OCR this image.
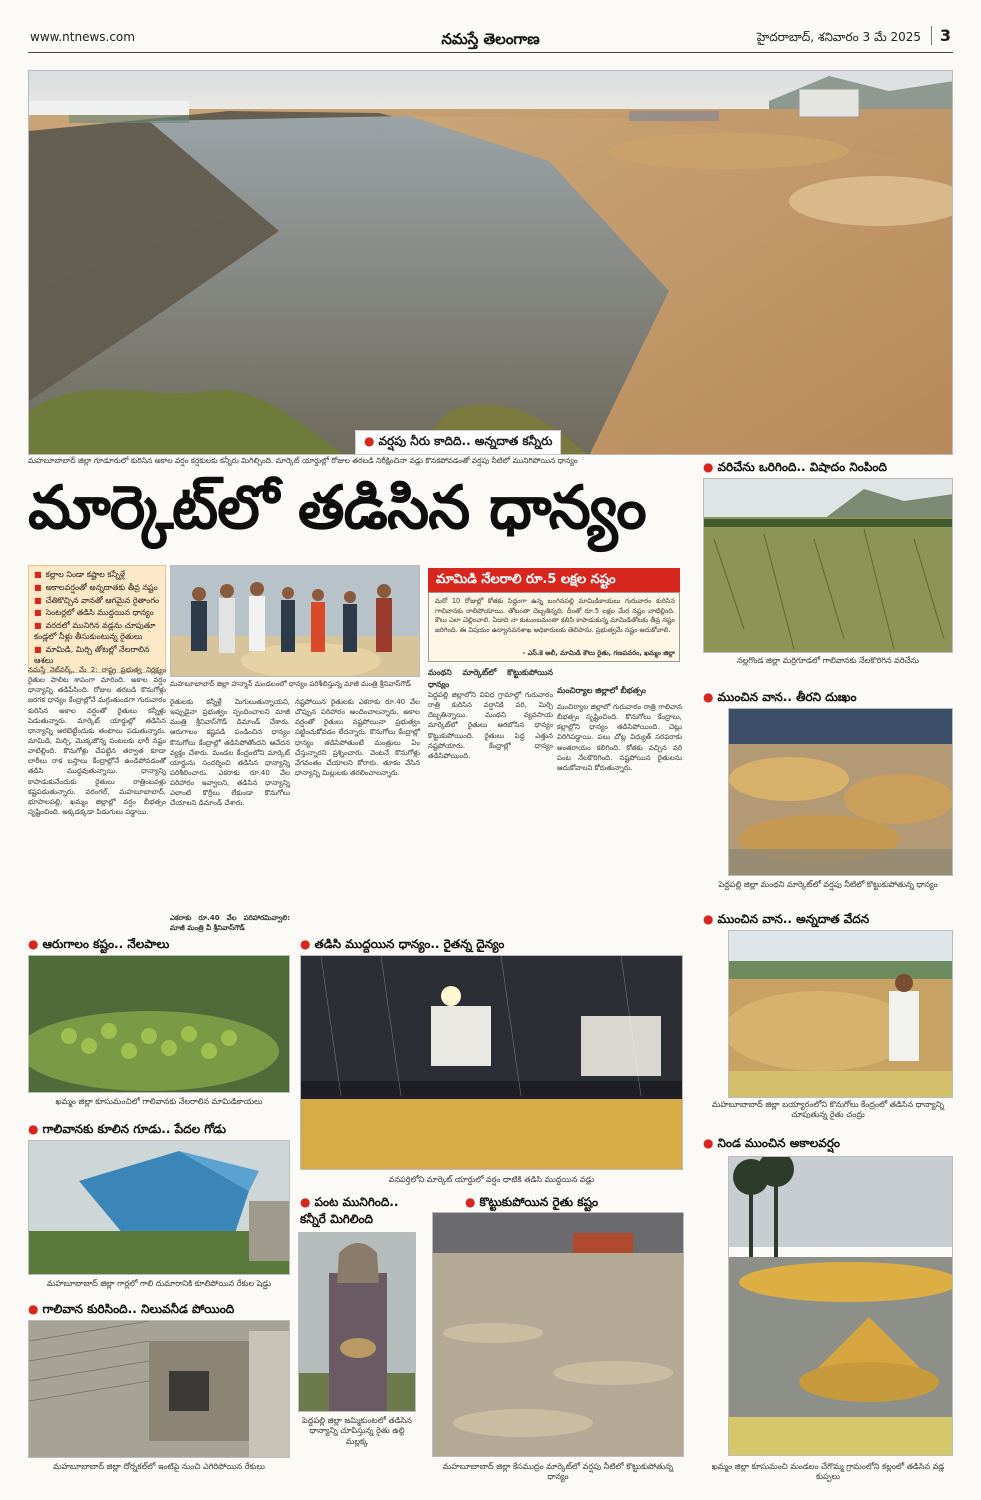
www.ntnews.com	నమస్తే తెలంగాణ	హైదరాబాద్, శనివారం 3 మే 2025	3
● వర్షపు నీరు కాదిది.. అన్నదాత కన్నీరు
మహబూబాబాద్ జిల్లా గూడూరులో కురిసిన అకాల వర్షం కర్షకులకు కన్నీరు మిగిల్చింది. మార్కెట్ యార్డుల్లో రోజుల తరబడి నిరీక్షించినా వడ్లు కొనకపోవడంతో వర్షపు నీటిలో మునిగిపోయిన ధాన్యం
మార్కెట్‌లో తడిసిన ధాన్యం
■ కల్లాల నిండా కష్టాల కన్నీళ్లే
■ అకాలవర్షంతో అన్నదాతకు తీవ్ర నష్టం
■ చేతికొచ్చిన వానతో ఆగమైన రైతాంగం
■ సెంటర్లలో తడిసి ముద్దయిన ధాన్యం
■ వరదలో మునిగిన వడ్లను చూపుతూ కండ్లలో నీళ్లు తీసుకుంటున్న రైతులు
■ మామిడి, మిర్చి తోటల్లో నేలరాలిన ఆశలు
మహబూబాబాద్ జిల్లా హన్మాన్ మండలంలో ధాన్యం పరిశీలిస్తున్న మాజీ మంత్రి శ్రీనివాస్‌గౌడ్
మామిడి నేలరాలి రూ.5 లక్షల నష్టం
మరో 10 రోజుల్లో కోతకు సిద్ధంగా ఉన్న బంగినపల్లి మామిడికాయలు గురువారం కురిసిన గాలివానకు రాలిపోయాయి. తోటంతా దెబ్బతిన్నది. దీంతో రూ.5 లక్షల మేర నష్టం వాటిల్లింది. కౌలు ఎలా చెల్లించాలి. ఏడాది నా కుటుంబమంతా కలిసి కాపాడుకున్న మామిడితోటకు తీవ్ర నష్టం జరిగింది. ఈ విషయం ఉద్యానవనశాఖ అధికారులకు తెలిపాను. ప్రభుత్వమే నష్టం ఆదుకోవాలి.
- ఎస్‌.కె అలీ, మామిడి కౌలు రైతు, గణపవరం, ఖమ్మం జిల్లా
నమస్తే నెట్‌వర్క్, మే 2: రాష్ట్ర ప్రభుత్వ నిర్లక్ష్యం రైతుల పాలిట శాపంగా మారింది. అకాల వర్షం ధాన్యాన్ని తడిపేసింది. రోజుల తరబడి కొనుగోళ్లు జరగక ధాన్యం కేంద్రాల్లోనే మగ్గుతుండగా గురువారం కురిసిన అకాల వర్షంతో రైతులు కన్నీళ్లు పెడుతున్నారు. మార్కెట్ యార్డుల్లో తడిసిన ధాన్యాన్ని ఆరబెట్టేందుకు తంటాలు పడుతున్నారు. మామిడి, మిర్చి, మొక్కజొన్న పంటలకు భారీ నష్టం వాటిల్లింది. కొనుగోళ్లు చేపట్టిన తర్వాత కూడా లారీలు రాక బస్తాలు కేంద్రాల్లోనే ఉండిపోవడంతో తడిసి ముద్దవుతున్నాయి. ధాన్యాన్ని కాపాడుకునేందుకు రైతులు రాత్రింబవళ్లు కష్టపడుతున్నారు. వరంగల్, మహబూబాబాద్, భూపాలపల్లి, ఖమ్మం జిల్లాల్లో వర్షం బీభత్సం సృష్టించింది. అక్కడక్కడా పిడుగులు పడ్డాయి.
రైతులకు కన్నీళ్లే మిగులుతున్నాయని, ఇప్పుడైనా ప్రభుత్వం స్పందించాలని మాజీ మంత్రి శ్రీనివాస్‌గౌడ్ డిమాండ్ చేశారు. ఆరుగాలం కష్టపడి పండించిన ధాన్యం కొనుగోలు కేంద్రాల్లో తడిసిపోతోందని ఆవేదన వ్యక్తం చేశారు. మండల కేంద్రంలోని మార్కెట్ యార్డును సందర్శించి తడిసిన ధాన్యాన్ని పరిశీలించారు. ఎకరాకు రూ.40 వేల పరిహారం ఇవ్వాలని, తడిసిన ధాన్యాన్ని ఎలాంటి కొర్రీలు లేకుండా కొనుగోలు చేయాలని డిమాండ్ చేశారు.
ఎకరాకు రూ.40 వేల పరిహారమివ్వాలి: మాజీ మంత్రి వీ శ్రీనివాస్‌గౌడ్
నష్టపోయిన రైతులకు ఎకరాకు రూ.40 వేల చొప్పున పరిహారం అందించాలన్నారు. అకాల వర్షంతో రైతులు నష్టపోయినా ప్రభుత్వం పట్టించుకోవడం లేదన్నారు. కొనుగోలు కేంద్రాల్లో ధాన్యం తడిసిపోతుంటే మంత్రులు ఏం చేస్తున్నారని ప్రశ్నించారు. వెంటనే కొనుగోళ్లు వేగవంతం చేయాలని కోరారు. తూకం వేసిన ధాన్యాన్ని మిల్లులకు తరలించాలన్నారు.
మంథని మార్కెట్‌లో కొట్టుకుపోయిన ధాన్యం
పెద్దపల్లి జిల్లాలోని వివిధ గ్రామాల్లో గురువారం రాత్రి కురిసిన వర్షానికి వరి, మిర్చి దెబ్బతిన్నాయి. మంథని వ్యవసాయ మార్కెట్‌లో రైతులు ఆరబోసిన ధాన్యం కొట్టుకుపోయింది. రైతులు పెద్ద ఎత్తున నష్టపోయారు. కేంద్రాల్లో ధాన్యం తడిసిపోయింది.
మంచిర్యాల జిల్లాలో బీభత్సం
మంచిర్యాల జిల్లాలో గురువారం రాత్రి గాలివాన బీభత్సం సృష్టించింది. కొనుగోలు కేంద్రాలు, కల్లాల్లోని ధాన్యం తడిసిపోయింది. చెట్లు విరిగిపడ్డాయి. పలు చోట్ల విద్యుత్ సరఫరాకు అంతరాయం కలిగింది. కోతకు వచ్చిన వరి పంట నేలకొరిగింది. నష్టపోయిన రైతులను ఆదుకోవాలని కోరుతున్నారు.
● వరిచేను ఒరిగింది.. విషాదం నింపింది
నల్లగొండ జిల్లా మర్రిగూడలో గాలివానకు నేలకొరిగిన వరిచేను
● ముంచిన వాన.. తీరని దుఃఖం
పెద్దపల్లి జిల్లా మంథని మార్కెట్‌లో వర్షపు నీటిలో కొట్టుకుపోతున్న ధాన్యం
● ముంచిన వాన.. అన్నదాత వేదన
మహబూబాబాద్ జిల్లా బయ్యారంలోని కొనుగోలు కేంద్రంలో తడిసిన ధాన్యాన్ని చూపుతున్న రైతు చంద్రు
● నిండ ముంచిన అకాలవర్షం
ఖమ్మం జిల్లా కూసుమంచి మండలం చేగొమ్మ గ్రామంలోని కల్లంలో తడిసిన వడ్ల కుప్పలు
● ఆరుగాలం కష్టం.. నేలపాలు
ఖమ్మం జిల్లా కూసుమంచిలో గాలివానకు నేలరాలిన మామిడికాయలు
● గాలివానకు కూలిన గూడు.. పేదల గోడు
మహబూబాబాద్ జిల్లా గార్లలో గాలి దుమారానికి కూలిపోయిన రేకుల షెడ్డు
● గాలివాన కురిసింది.. నిలువనీడ పోయింది
మహబూబాబాద్ జిల్లా దోర్నకల్‌లో ఇంటిపై నుంచి ఎగిరిపోయిన రేకులు
● తడిసి ముద్దయిన ధాన్యం.. రైతన్న దైన్యం
వనపర్తిలోని మార్కెట్ యార్డులో వర్షం ధాటికి తడిసి ముద్దయిన వడ్లు
● పంట మునిగింది.. కన్నీరే మిగిలింది
పెద్దపల్లి జిల్లా జమ్మికుంటలో తడిసిన ధాన్యాన్ని చూపిస్తున్న రైతు ఉల్లి మల్లక్క
● కొట్టుకుపోయిన రైతు కష్టం
మహబూబాబాద్ జిల్లా కేసముద్రం మార్కెట్‌లో వర్షపు నీటిలో కొట్టుకుపోతున్న ధాన్యం
